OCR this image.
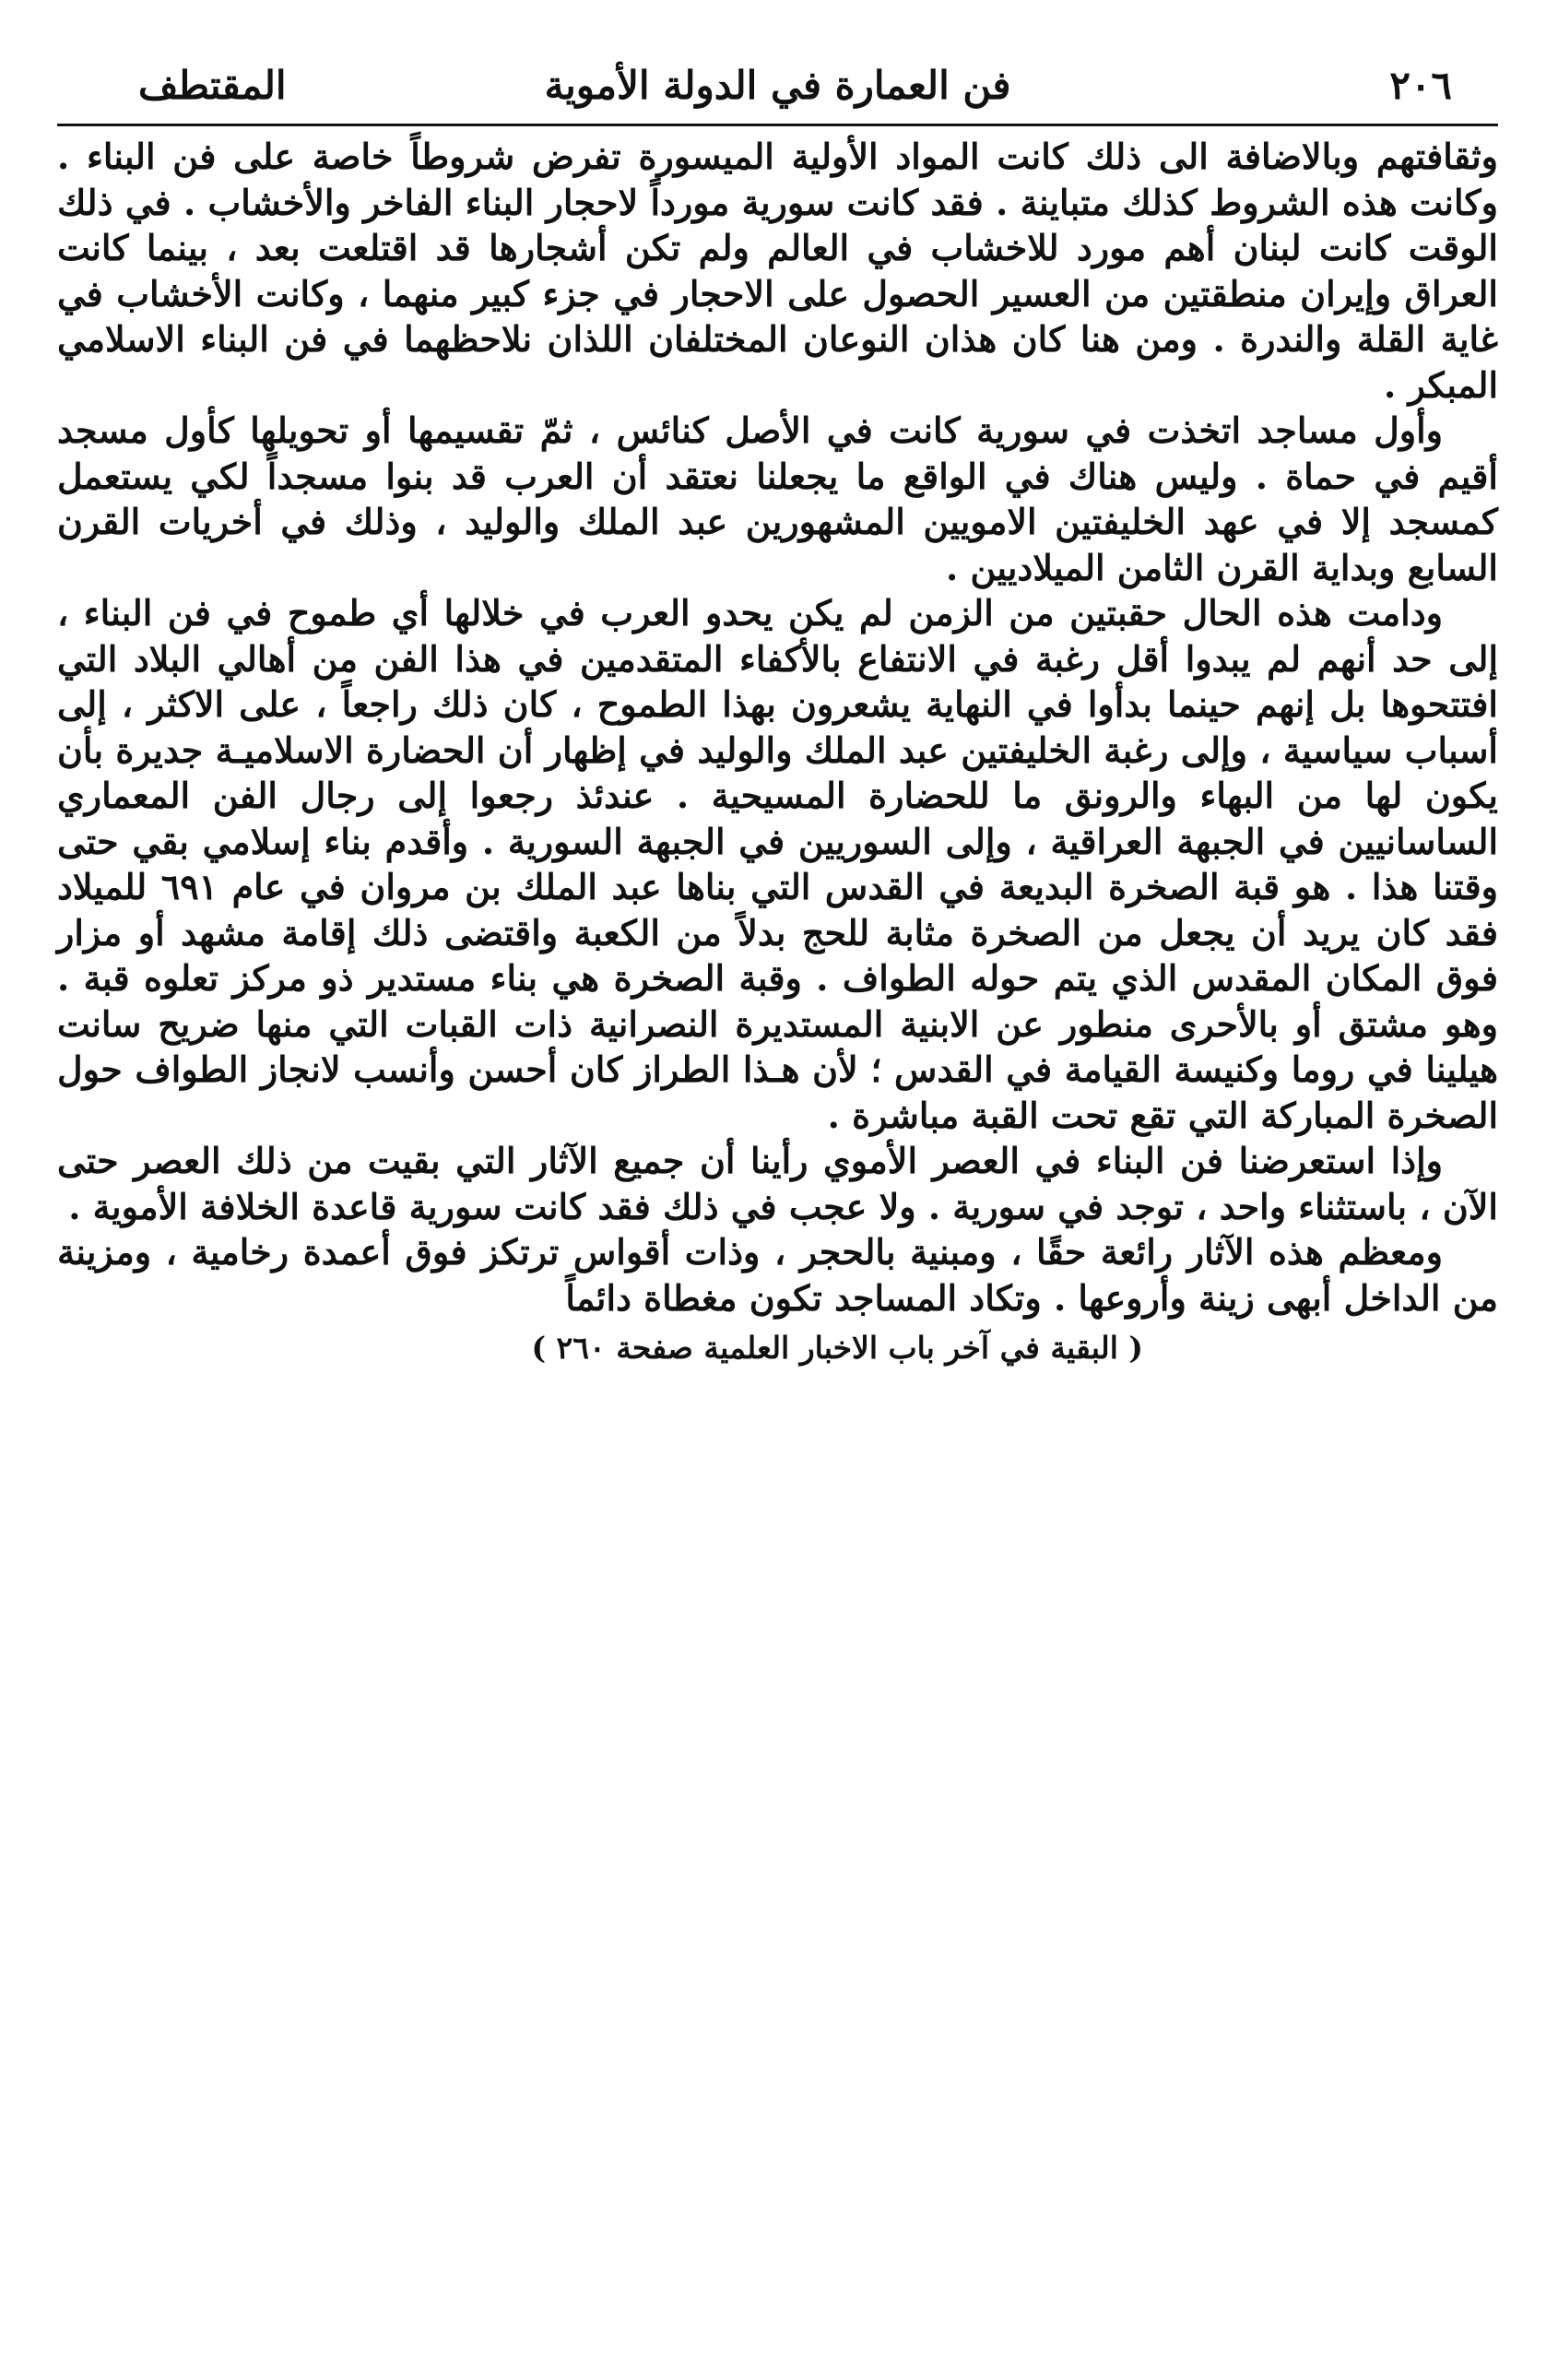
٢٠٦
فن العمارة في الدولة الأموية
المقتطف

وثقافتهم وبالاضافة الى ذلك كانت المواد الأولية الميسورة تفرض شروطاً خاصة على فن البناء . وكانت هذه الشروط كذلك متباينة . فقد كانت سورية مورداً لاحجار البناء الفاخر والأخشاب . في ذلك الوقت كانت لبنان أهم مورد للاخشاب في العالم ولم تكن أشجارها قد اقتلعت بعد ، بينما كانت العراق وإيران منطقتين من العسير الحصول على الاحجار في جزء كبير منهما ، وكانت الأخشاب في غاية القلة والندرة . ومن هنا كان هذان النوعان المختلفان اللذان نلاحظهما في فن البناء الاسلامي المبكر .

وأول مساجد اتخذت في سورية كانت في الأصل كنائس ، ثمّ تقسيمها أو تحويلها كأول مسجد أقيم في حماة . وليس هناك في الواقع ما يجعلنا نعتقد أن العرب قد بنوا مسجداً لكي يستعمل كمسجد إلا في عهد الخليفتين الامويين المشهورين عبد الملك والوليد ، وذلك في أخريات القرن السابع وبداية القرن الثامن الميلاديين .

ودامت هذه الحال حقبتين من الزمن لم يكن يحدو العرب في خلالها أي طموح في فن البناء ، إلى حد أنهم لم يبدوا أقل رغبة في الانتفاع بالأكفاء المتقدمين في هذا الفن من أهالي البلاد التي افتتحوها بل إنهم حينما بدأوا في النهاية يشعرون بهذا الطموح ، كان ذلك راجعاً ، على الاكثر ، إلى أسباب سياسية ، وإلى رغبة الخليفتين عبد الملك والوليد في إظهار أن الحضارة الاسلاميـة جديرة بأن يكون لها من البهاء والرونق ما للحضارة المسيحية . عندئذ رجعوا إلى رجال الفن المعماري الساسانيين في الجبهة العراقية ، وإلى السوريين في الجبهة السورية . وأقدم بناء إسلامي بقي حتى وقتنا هذا . هو قبة الصخرة البديعة في القدس التي بناها عبد الملك بن مروان في عام ٦٩١ للميلاد فقد كان يريد أن يجعل من الصخرة مثابة للحج بدلاً من الكعبة واقتضى ذلك إقامة مشهد أو مزار فوق المكان المقدس الذي يتم حوله الطواف . وقبة الصخرة هي بناء مستدير ذو مركز تعلوه قبة . وهو مشتق أو بالأحرى منطور عن الابنية المستديرة النصرانية ذات القبات التي منها ضريح سانت هيلينا في روما وكنيسة القيامة في القدس ؛ لأن هـذا الطراز كان أحسن وأنسب لانجاز الطواف حول الصخرة المباركة التي تقع تحت القبة مباشرة .

وإذا استعرضنا فن البناء في العصر الأموي رأينا أن جميع الآثار التي بقيت من ذلك العصر حتى الآن ، باستثناء واحد ، توجد في سورية . ولا عجب في ذلك فقد كانت سورية قاعدة الخلافة الأموية .

ومعظم هذه الآثار رائعة حقًا ، ومبنية بالحجر ، وذات أقواس ترتكز فوق أعمدة رخامية ، ومزينة من الداخل أبهى زينة وأروعها . وتكاد المساجد تكون مغطاة دائماً

( البقية في آخر باب الاخبار العلمية صفحة ٢٦٠ )
